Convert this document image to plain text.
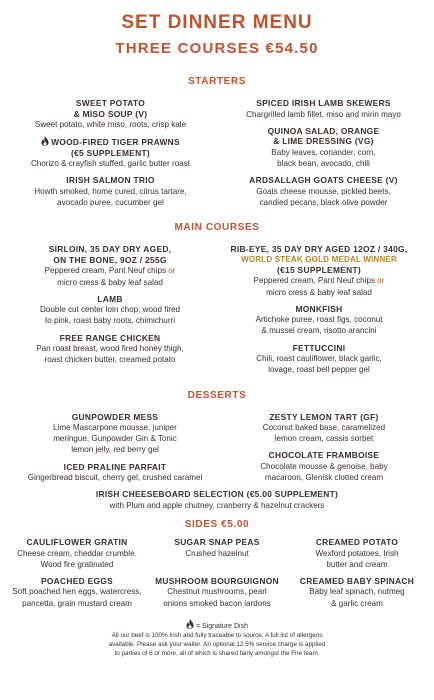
SET DINNER MENU
THREE COURSES €54.50
STARTERS
SWEET POTATO
& MISO SOUP (V)
Sweet potato, white miso, roots, crisp kale
WOOD-FIRED TIGER PRAWNS
(€5 SUPPLEMENT)
Chorizo & crayfish stuffed, garlic butter roast
IRISH SALMON TRIO
Howth smoked, home cured, citrus tartare,
avocado puree, cucumber gel
SPICED IRISH LAMB SKEWERS
Chargrilled lamb fillet, miso and mirin mayo
QUINOA SALAD, ORANGE
& LIME DRESSING (VG)
Baby leaves, coriander, corn,
black bean, avocado, chili
ARDSALLAGH GOATS CHEESE (V)
Goats cheese mousse, pickled beets,
candied pecans, black olive powder
MAIN COURSES
SIRLOIN, 35 DAY DRY AGED,
ON THE BONE, 9OZ / 255G
Peppered cream, Pant Neuf chips or
micro cress & baby leaf salad
LAMB
Double cut center loin chop, wood fired
to pink, roast baby roots, chimichurri
FREE RANGE CHICKEN
Pan roast breast, wood fired honey thigh,
roast chicken butter, creamed potato
RIB-EYE, 35 DAY DRY AGED 12OZ / 340G,
WORLD STEAK GOLD MEDAL WINNER
(€15 SUPPLEMENT)
Peppered cream, Pant Neuf chips or
micro cress & baby leaf salad
MONKFISH
Artichoke puree, roast figs, coconut
& mussel cream, risotto arancini
FETTUCCINI
Chili, roast cauliflower, black garlic,
lovage, roast bell pepper gel
DESSERTS
GUNPOWDER MESS
Lime Mascarpone mousse, juniper
meringue, Gunpowder Gin & Tonic
lemon jelly, red berry gel
ICED PRALINE PARFAIT
Gingerbread biscuit, cherry gel, crushed caramel
ZESTY LEMON TART (GF)
Coconut baked base, caramelized
lemon cream, cassis sorbet
CHOCOLATE FRAMBOISE
Chocolate mousse & genoise, baby
macaroon, Glenisk clotted cream
IRISH CHEESEBOARD SELECTION (€5.00 SUPPLEMENT)
with Plum and apple chutney, cranberry & hazelnut crackers
SIDES €5.00
CAULIFLOWER GRATIN
Cheese cream, cheddar crumble.
Wood fire gratinated
SUGAR SNAP PEAS
Crushed hazelnut
CREAMED POTATO
Wexford potatoes, Irish
butter and cream
POACHED EGGS
Soft poached hen eggs, watercress,
pancetta, grain mustard cream
MUSHROOM BOURGUIGNON
Chestnut mushrooms, pearl
onions smoked bacon lardons
CREAMED BABY SPINACH
Baby leaf spinach, nutmeg
& garlic cream
= Signature Dish
All our beef is 100% Irish and fully traceable to source. A full list of allergens
available. Please ask your waiter. An optional 12.5% service charge is applied
to parties of 6 or more, all of which is shared fairly amongst the Fire team.
